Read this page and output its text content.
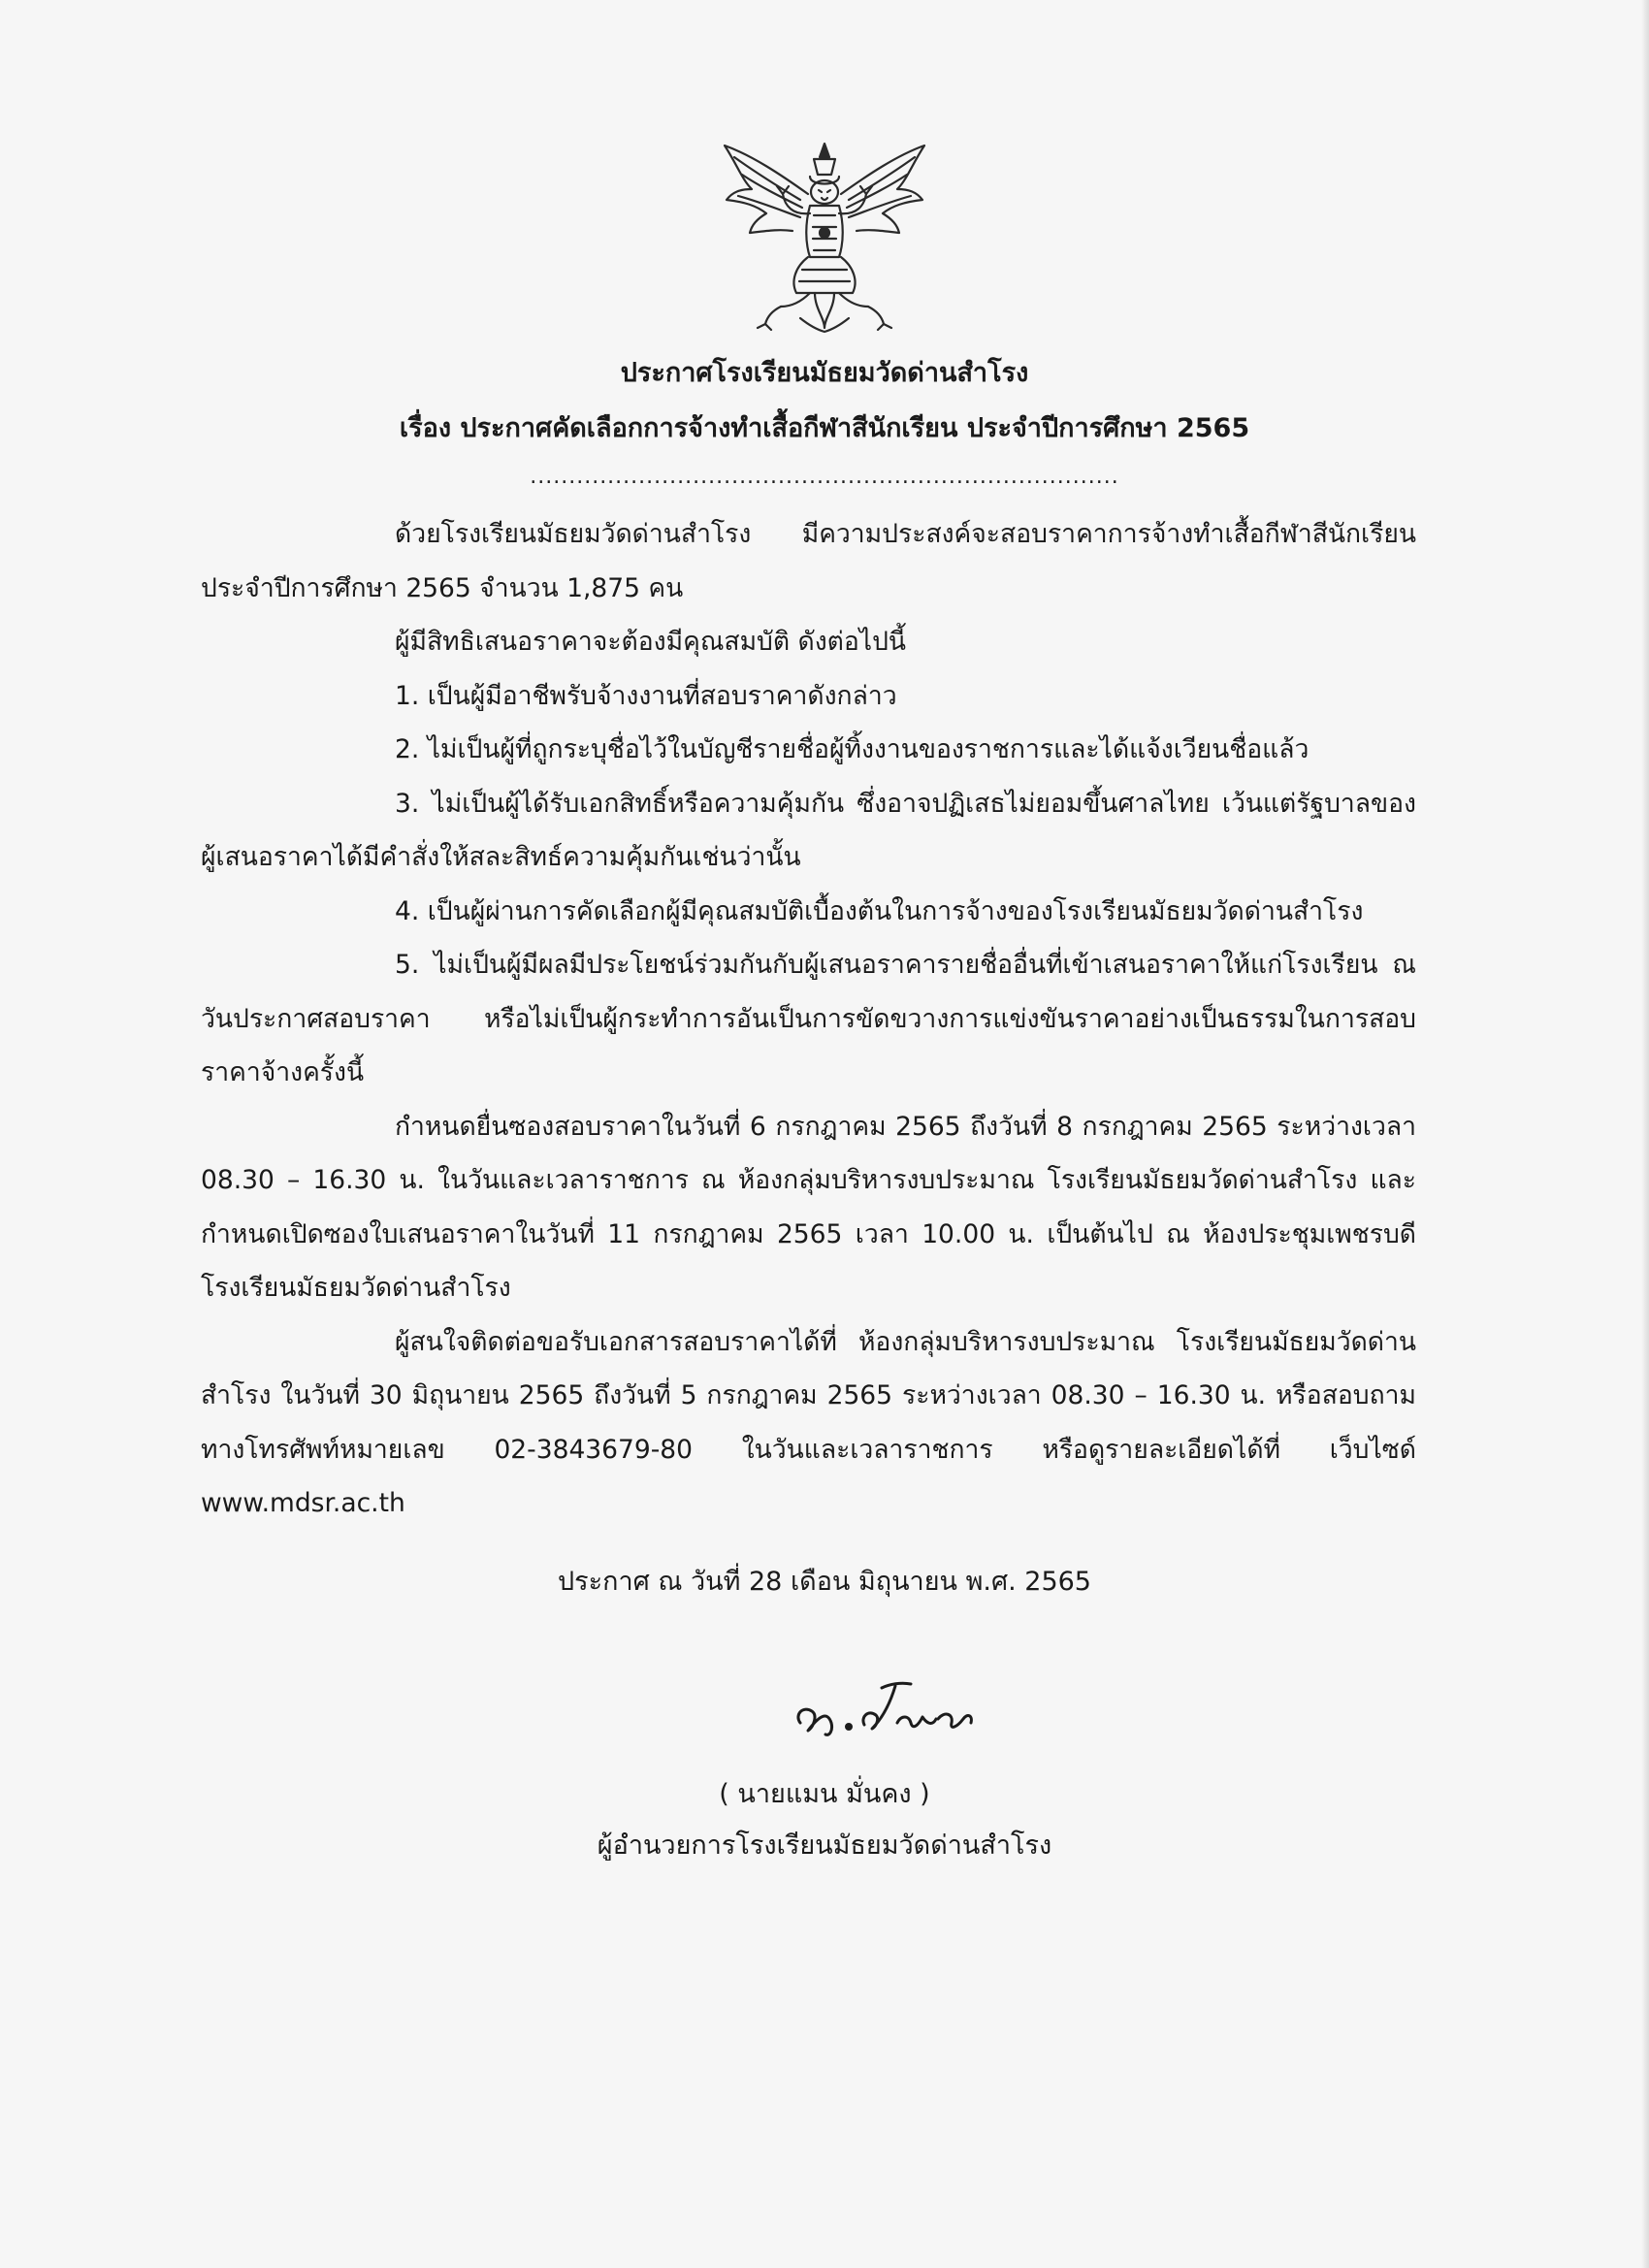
ประกาศโรงเรียนมัธยมวัดด่านสำโรง
เรื่อง ประกาศคัดเลือกการจ้างทำเสื้อกีฬาสีนักเรียน ประจำปีการศึกษา 2565
............................................................................

ด้วยโรงเรียนมัธยมวัดด่านสำโรง มีความประสงค์จะสอบราคาการจ้างทำเสื้อกีฬาสีนักเรียน ประจำปีการศึกษา 2565 จำนวน 1,875 คน

ผู้มีสิทธิเสนอราคาจะต้องมีคุณสมบัติ ดังต่อไปนี้

1. เป็นผู้มีอาชีพรับจ้างงานที่สอบราคาดังกล่าว

2. ไม่เป็นผู้ที่ถูกระบุชื่อไว้ในบัญชีรายชื่อผู้ทิ้งงานของราชการและได้แจ้งเวียนชื่อแล้ว

3. ไม่เป็นผู้ได้รับเอกสิทธิ์หรือความคุ้มกัน ซึ่งอาจปฏิเสธไม่ยอมขึ้นศาลไทย เว้นแต่รัฐบาลของผู้เสนอราคาได้มีคำสั่งให้สละสิทธ์ความคุ้มกันเช่นว่านั้น

4. เป็นผู้ผ่านการคัดเลือกผู้มีคุณสมบัติเบื้องต้นในการจ้างของโรงเรียนมัธยมวัดด่านสำโรง

5. ไม่เป็นผู้มีผลมีประโยชน์ร่วมกันกับผู้เสนอราคารายชื่ออื่นที่เข้าเสนอราคาให้แก่โรงเรียน ณ วันประกาศสอบราคา หรือไม่เป็นผู้กระทำการอันเป็นการขัดขวางการแข่งขันราคาอย่างเป็นธรรมในการสอบราคาจ้างครั้งนี้

กำหนดยื่นซองสอบราคาในวันที่ 6 กรกฎาคม 2565 ถึงวันที่ 8 กรกฎาคม 2565 ระหว่างเวลา 08.30 – 16.30 น. ในวันและเวลาราชการ ณ ห้องกลุ่มบริหารงบประมาณ โรงเรียนมัธยมวัดด่านสำโรง และกำหนดเปิดซองใบเสนอราคาในวันที่ 11 กรกฎาคม 2565 เวลา 10.00 น. เป็นต้นไป ณ ห้องประชุมเพชรบดี โรงเรียนมัธยมวัดด่านสำโรง

ผู้สนใจติดต่อขอรับเอกสารสอบราคาได้ที่ ห้องกลุ่มบริหารงบประมาณ โรงเรียนมัธยมวัดด่านสำโรง ในวันที่ 30 มิถุนายน 2565 ถึงวันที่ 5 กรกฎาคม 2565 ระหว่างเวลา 08.30 – 16.30 น. หรือสอบถามทางโทรศัพท์หมายเลข 02-3843679-80 ในวันและเวลาราชการ หรือดูรายละเอียดได้ที่ เว็บไซด์ www.mdsr.ac.th

ประกาศ ณ วันที่ 28 เดือน มิถุนายน พ.ศ. 2565
( นายแมน มั่นคง )
ผู้อำนวยการโรงเรียนมัธยมวัดด่านสำโรง
